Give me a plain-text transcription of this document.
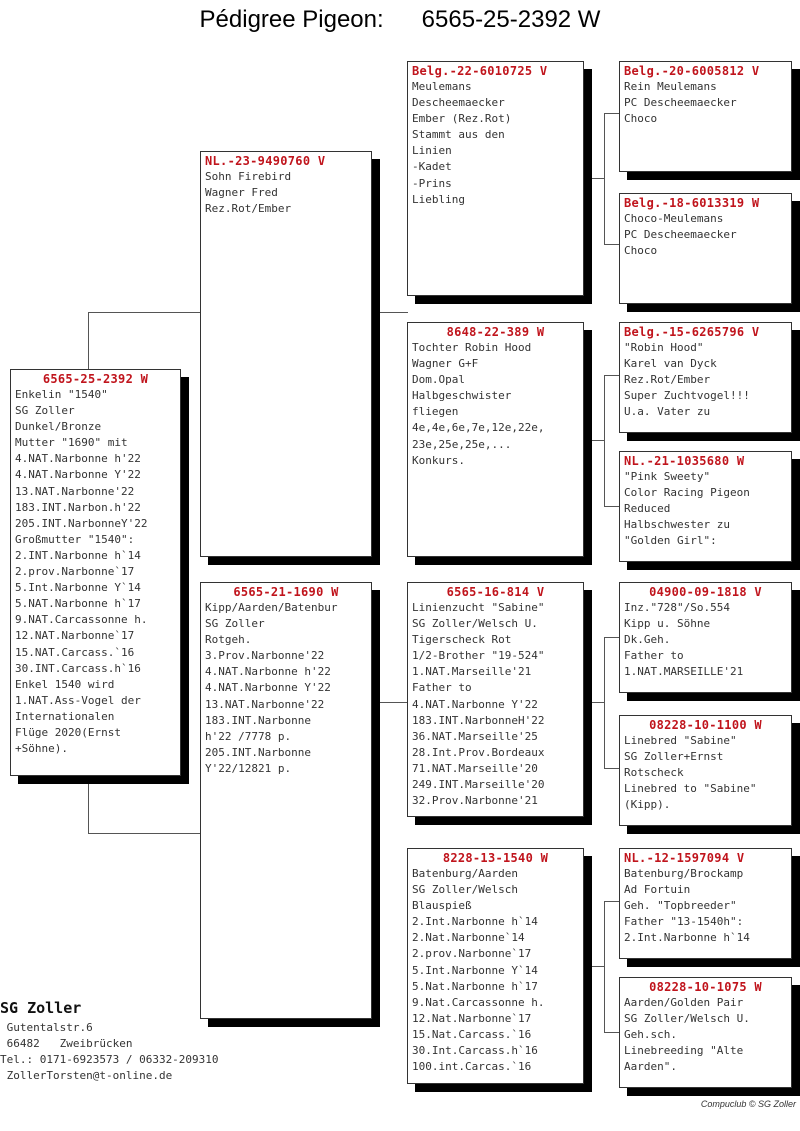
Pédigree Pigeon: 6565-25-2392 W
6565-25-2392 W
Enkelin "1540"
SG Zoller
Dunkel/Bronze
Mutter "1690" mit
4.NAT.Narbonne h'22
4.NAT.Narbonne Y'22
13.NAT.Narbonne'22
183.INT.Narbon.h'22
205.INT.NarbonneY'22
Großmutter "1540":
2.INT.Narbonne h`14
2.prov.Narbonne`17
5.Int.Narbonne Y`14
5.NAT.Narbonne h`17
9.NAT.Carcassonne h.
12.NAT.Narbonne`17
15.NAT.Carcass.`16
30.INT.Carcass.h`16
Enkel 1540 wird
1.NAT.Ass-Vogel der
Internationalen
Flüge 2020(Ernst
+Söhne).
NL.-23-9490760 V
Sohn Firebird
Wagner Fred
Rez.Rot/Ember
6565-21-1690 W
Kipp/Aarden/Batenbur
SG Zoller
Rotgeh.
3.Prov.Narbonne'22
4.NAT.Narbonne h'22
4.NAT.Narbonne Y'22
13.NAT.Narbonne'22
183.INT.Narbonne
h'22 /7778 p.
205.INT.Narbonne
Y'22/12821 p.
Belg.-22-6010725 V
Meulemans
Descheemaecker
Ember (Rez.Rot)
Stammt aus den
Linien
-Kadet
-Prins
Liebling
8648-22-389 W
Tochter Robin Hood
Wagner G+F
Dom.Opal
Halbgeschwister
fliegen
4e,4e,6e,7e,12e,22e,
23e,25e,25e,...
Konkurs.
6565-16-814 V
Linienzucht "Sabine"
SG Zoller/Welsch U.
Tigerscheck Rot
1/2-Brother "19-524"
1.NAT.Marseille'21
Father to
4.NAT.Narbonne Y'22
183.INT.NarbonneH'22
36.NAT.Marseille'25
28.Int.Prov.Bordeaux
71.NAT.Marseille'20
249.INT.Marseille'20
32.Prov.Narbonne'21
8228-13-1540 W
Batenburg/Aarden
SG Zoller/Welsch
Blauspieß
2.Int.Narbonne h`14
2.Nat.Narbonne`14
2.prov.Narbonne`17
5.Int.Narbonne Y`14
5.Nat.Narbonne h`17
9.Nat.Carcassonne h.
12.Nat.Narbonne`17
15.Nat.Carcass.`16
30.Int.Carcass.h`16
100.int.Carcas.`16
Belg.-20-6005812 V
Rein Meulemans
PC Descheemaecker
Choco
Belg.-18-6013319 W
Choco-Meulemans
PC Descheemaecker
Choco
Belg.-15-6265796 V
"Robin Hood"
Karel van Dyck
Rez.Rot/Ember
Super Zuchtvogel!!!
U.a. Vater zu
NL.-21-1035680 W
"Pink Sweety"
Color Racing Pigeon
Reduced
Halbschwester zu
"Golden Girl":
04900-09-1818 V
Inz."728"/So.554
Kipp u. Söhne
Dk.Geh.
Father to
1.NAT.MARSEILLE'21
08228-10-1100 W
Linebred "Sabine"
SG Zoller+Ernst
Rotscheck
Linebred to "Sabine"
(Kipp).
NL.-12-1597094 V
Batenburg/Brockamp
Ad Fortuin
Geh. "Topbreeder"
Father "13-1540h":
2.Int.Narbonne h`14
08228-10-1075 W
Aarden/Golden Pair
SG Zoller/Welsch U.
Geh.sch.
Linebreeding "Alte
Aarden".
SG Zoller
Gutentalstr.6
66482   Zweibrücken
Tel.: 0171-6923573 / 06332-209310
ZollerTorsten@t-online.de
Compuclub © SG Zoller
